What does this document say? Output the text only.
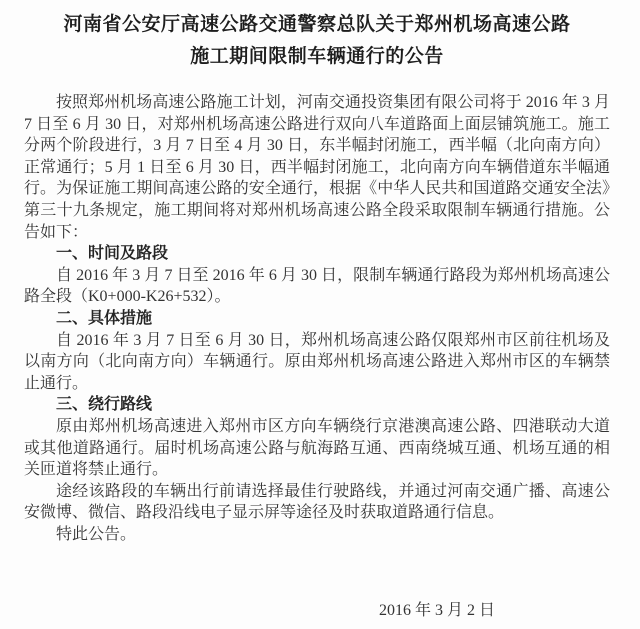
河南省公安厅高速公路交通警察总队关于郑州机场高速公路
施工期间限制车辆通行的公告

按照郑州机场高速公路施工计划，河南交通投资集团有限公司将于 2016 年 3 月 7 日至 6 月 30 日，对郑州机场高速公路进行双向八车道路面上面层铺筑施工。施工分两个阶段进行，3 月 7 日至 4 月 30 日，东半幅封闭施工，西半幅（北向南方向）正常通行；5 月 1 日至 6 月 30 日，西半幅封闭施工，北向南方向车辆借道东半幅通行。为保证施工期间高速公路的安全通行，根据《中华人民共和国道路交通安全法》第三十九条规定，施工期间将对郑州机场高速公路全段采取限制车辆通行措施。公告如下：

一、时间及路段

自 2016 年 3 月 7 日至 2016 年 6 月 30 日，限制车辆通行路段为郑州机场高速公路全段（K0+000-K26+532）。

二、具体措施

自 2016 年 3 月 7 日至 6 月 30 日，郑州机场高速公路仅限郑州市区前往机场及以南方向（北向南方向）车辆通行。原由郑州机场高速公路进入郑州市区的车辆禁止通行。

三、绕行路线

原由郑州机场高速进入郑州市区方向车辆绕行京港澳高速公路、四港联动大道或其他道路通行。届时机场高速公路与航海路互通、西南绕城互通、机场互通的相关匝道将禁止通行。

途经该路段的车辆出行前请选择最佳行驶路线，并通过河南交通广播、高速公安微博、微信、路段沿线电子显示屏等途径及时获取道路通行信息。

特此公告。

2016 年 3 月 2 日
